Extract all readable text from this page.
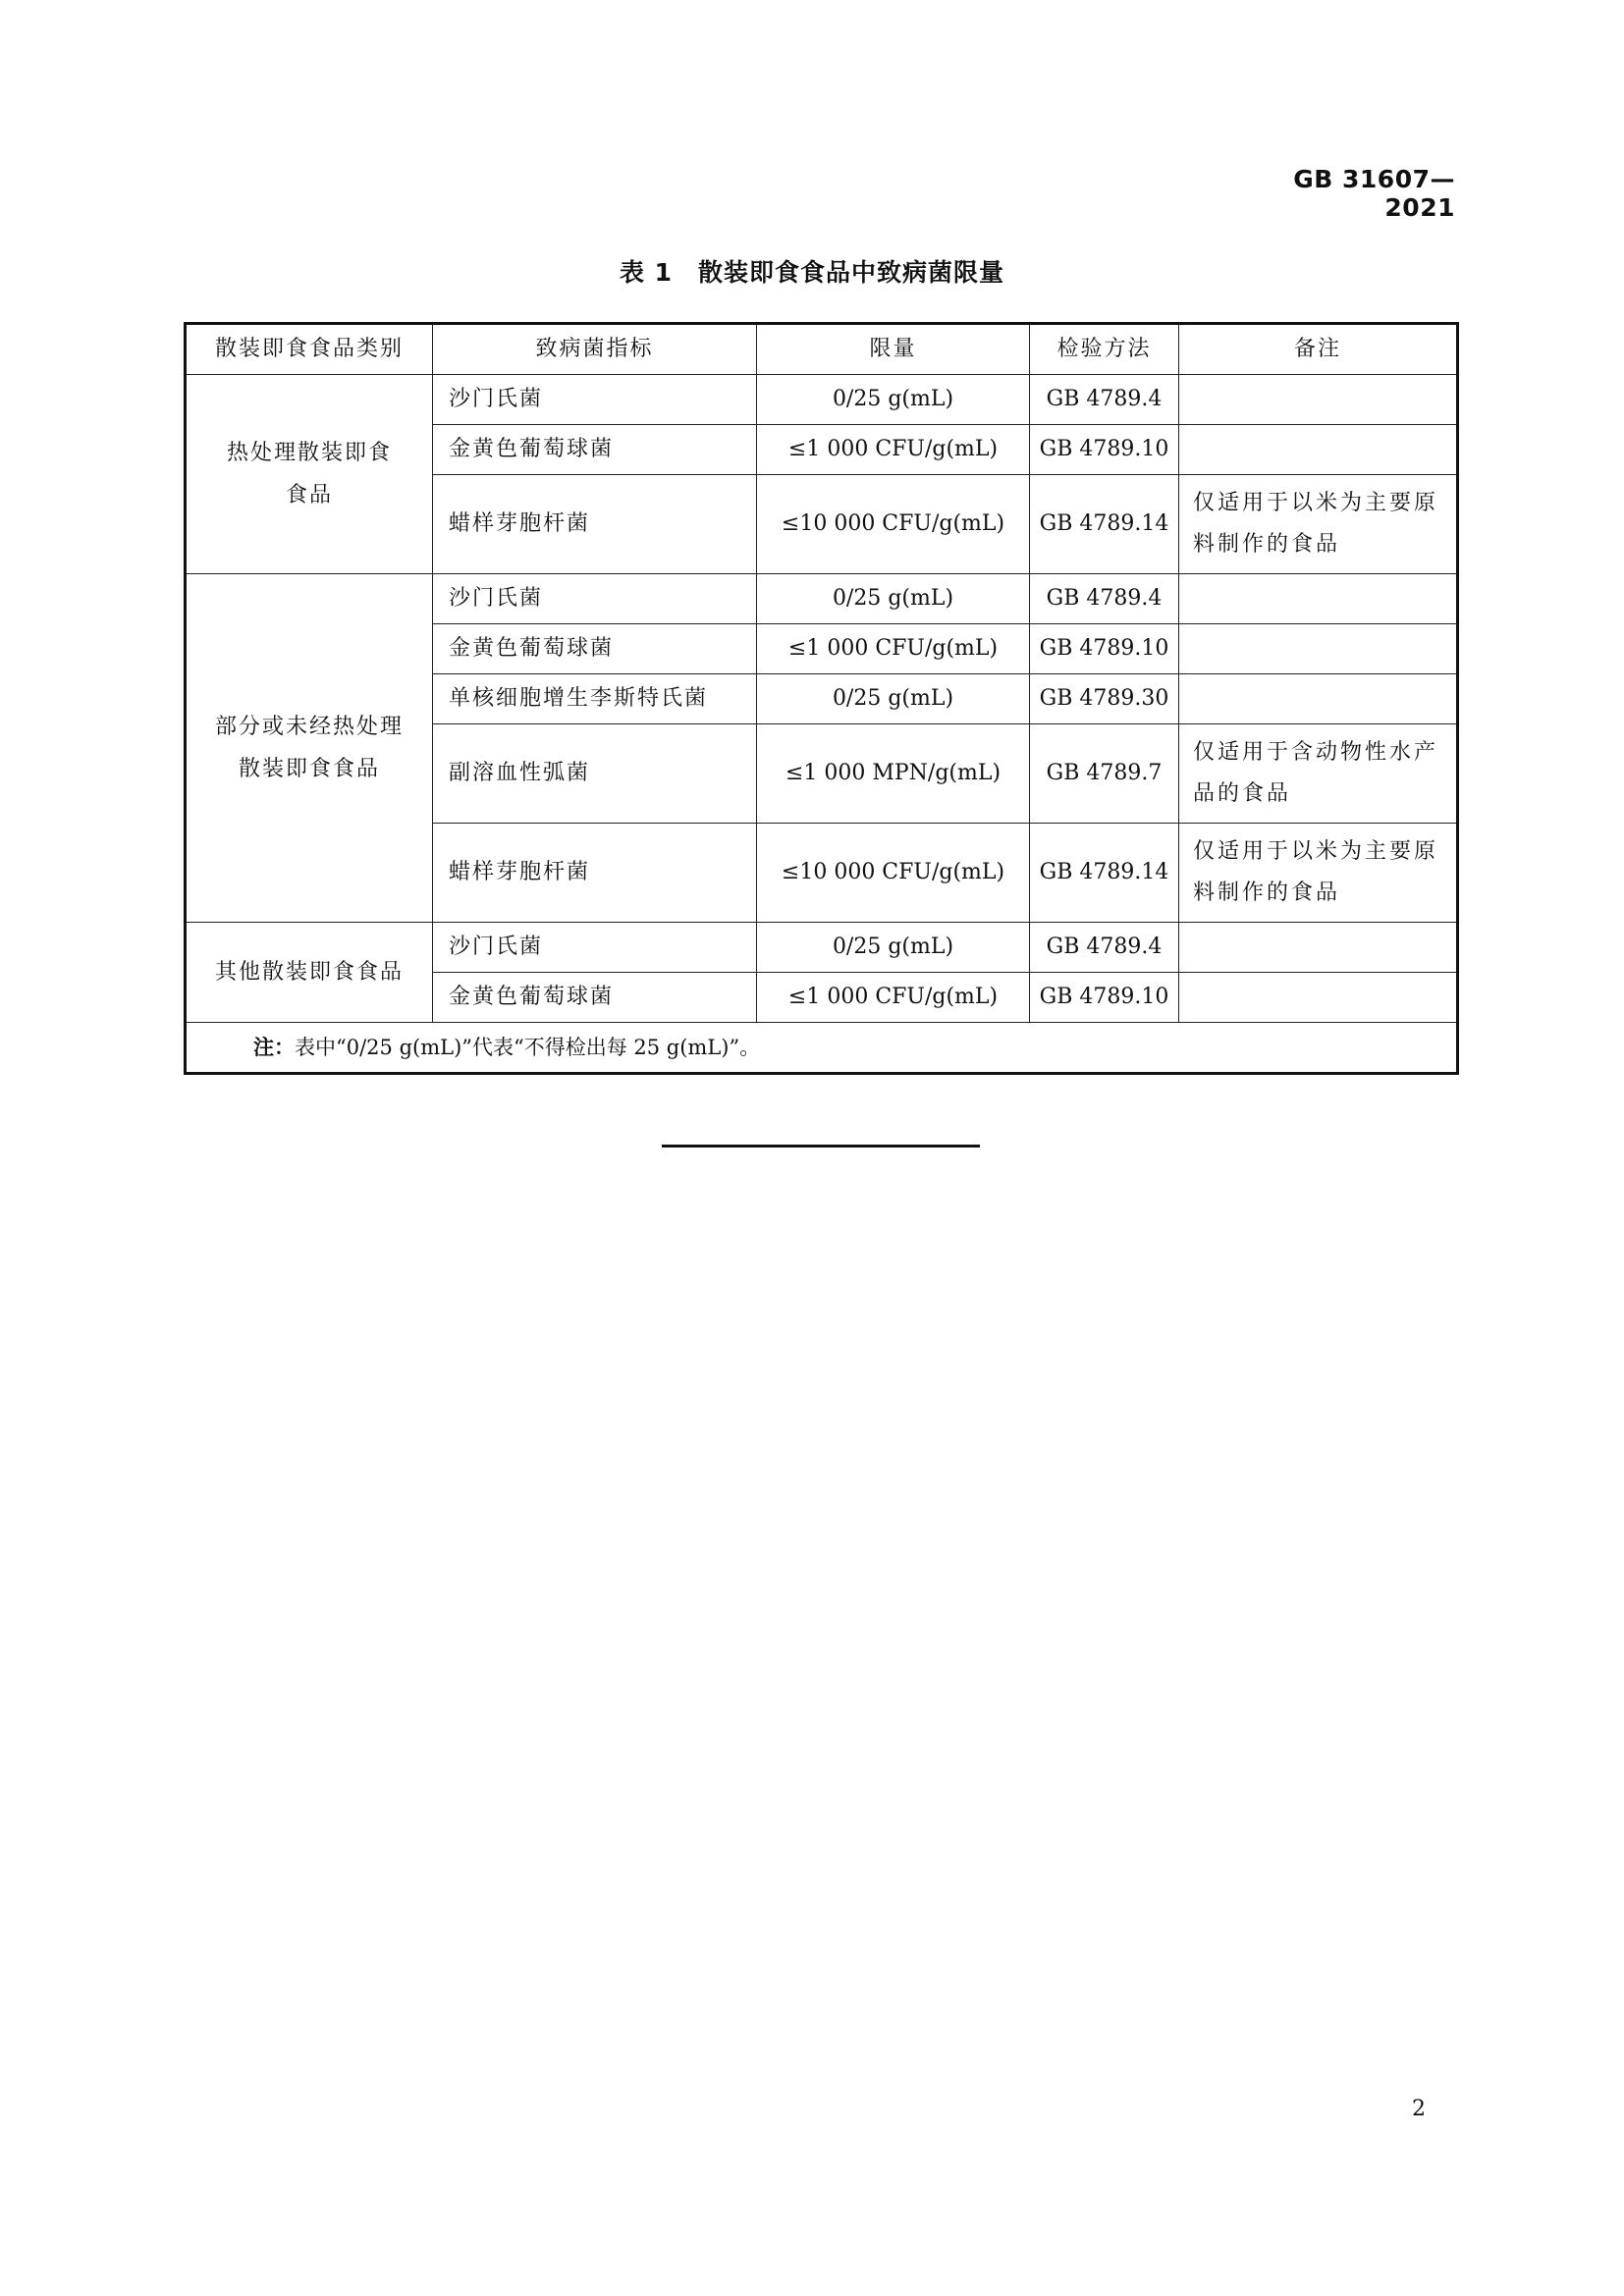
GB 31607—2021
表 1 散装即食食品中致病菌限量
散装即食食品类别	致病菌指标	限量	检验方法	备注

热处理散装即食
食品	沙门氏菌	0/25 g(mL)	GB 4789.4	
	金黄色葡萄球菌	≤1 000 CFU/g(mL)	GB 4789.10	
	蜡样芽胞杆菌	≤10 000 CFU/g(mL)	GB 4789.14	仅适用于以米为主要原料制作的食品

部分或未经热处理
散装即食食品	沙门氏菌	0/25 g(mL)	GB 4789.4	
	金黄色葡萄球菌	≤1 000 CFU/g(mL)	GB 4789.10	
	单核细胞增生李斯特氏菌	0/25 g(mL)	GB 4789.30	
	副溶血性弧菌	≤1 000 MPN/g(mL)	GB 4789.7	仅适用于含动物性水产品的食品
	蜡样芽胞杆菌	≤10 000 CFU/g(mL)	GB 4789.14	仅适用于以米为主要原料制作的食品

其他散装即食食品	沙门氏菌	0/25 g(mL)	GB 4789.4	
	金黄色葡萄球菌	≤1 000 CFU/g(mL)	GB 4789.10	
注：表中“0/25 g(mL)”代表“不得检出每 25 g(mL)”。				
2
